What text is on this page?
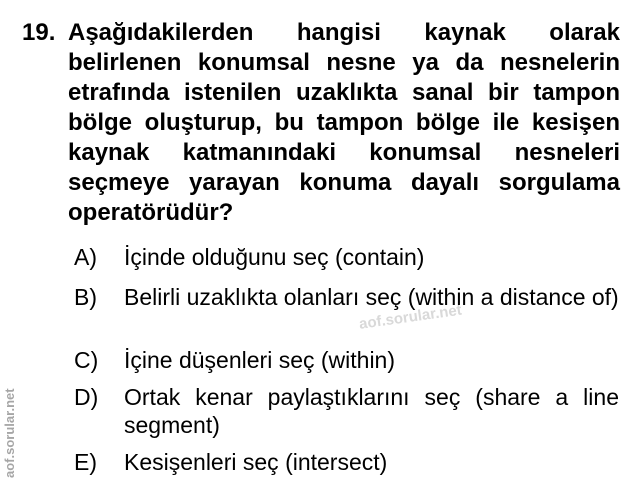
19. Aşağıdakilerden hangisi kaynak olarak belirlenen konumsal nesne ya da nesnelerin etrafında istenilen uzaklıkta sanal bir tampon bölge oluşturup, bu tampon bölge ile kesişen kaynak katmanındaki konumsal nesneleri seçmeye yarayan konuma dayalı sorgulama operatörüdür?
A) İçinde olduğunu seç (contain)
B) Belirli uzaklıkta olanları seç (within a distance of)
C) İçine düşenleri seç (within)
D) Ortak kenar paylaştıklarını seç (share a line segment)
E) Kesişenleri seç (intersect)
aof.sorular.net
aof.sorular.net
